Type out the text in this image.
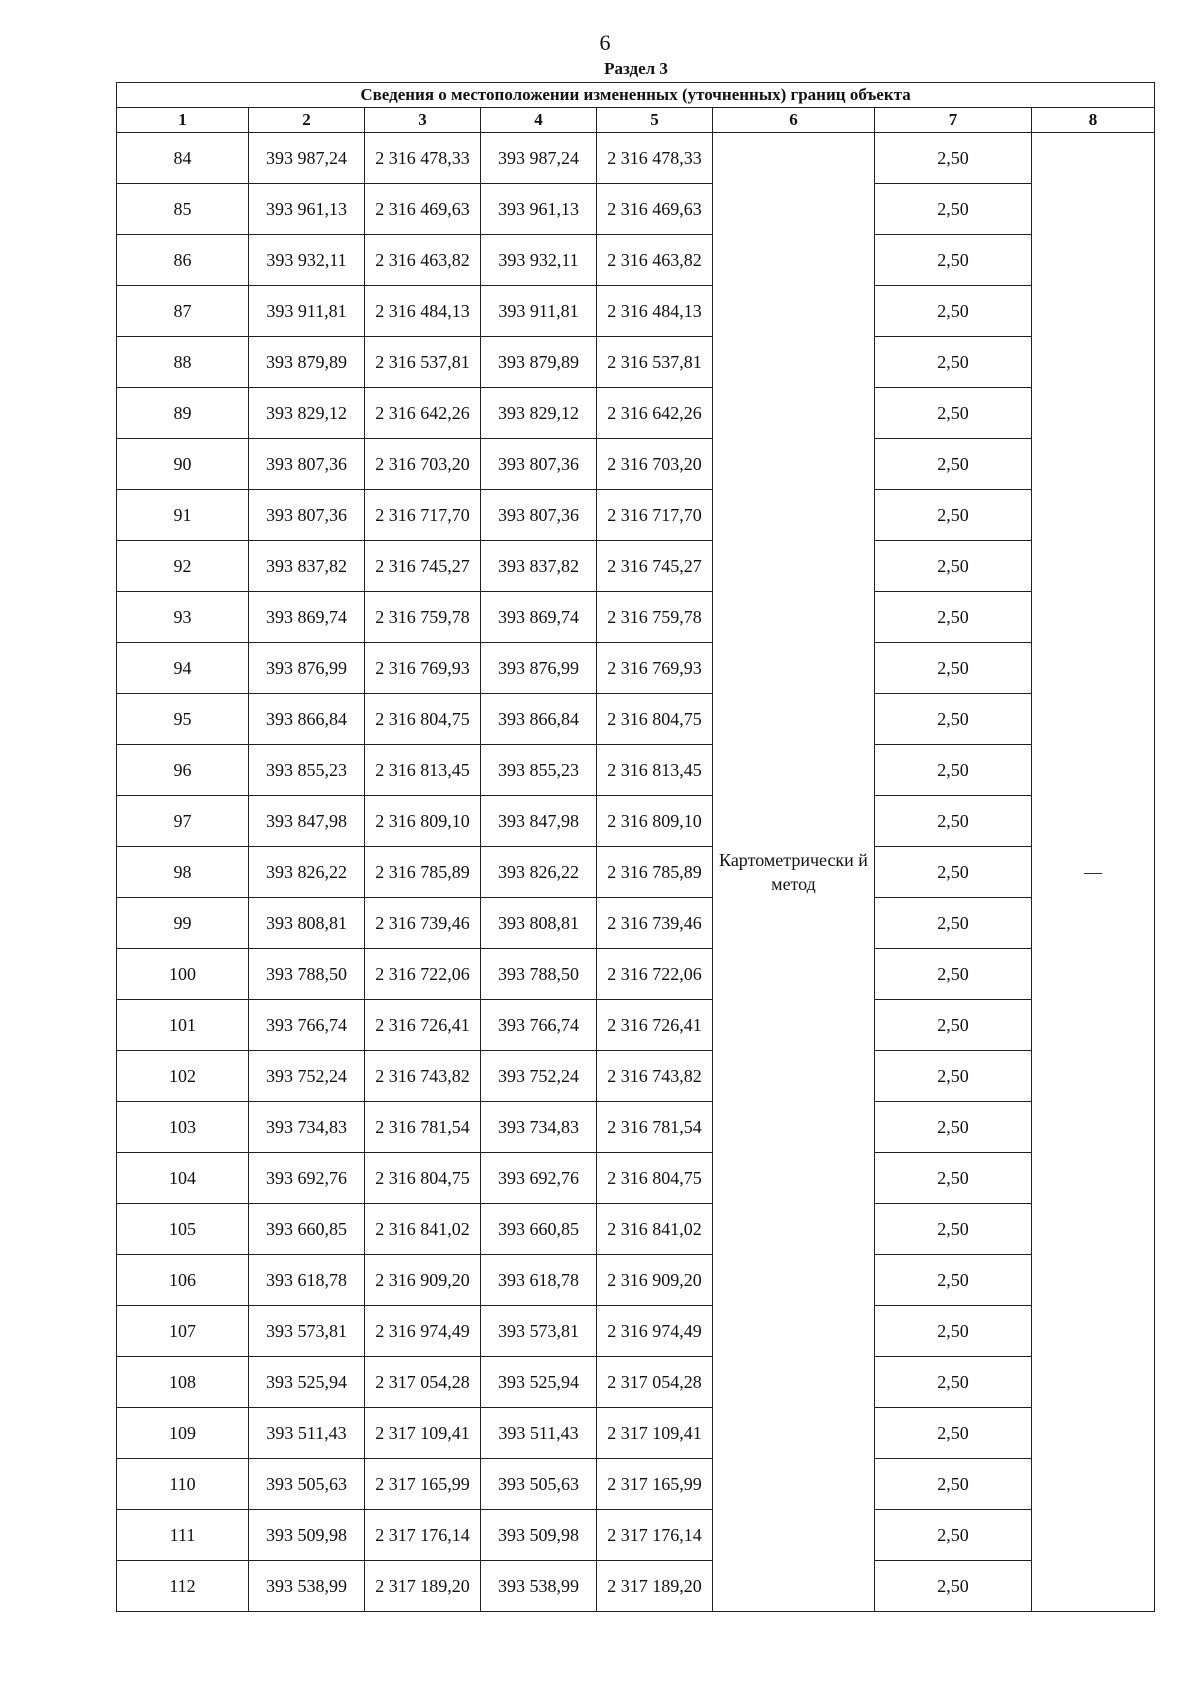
6
Раздел 3
Сведения о местоположении измененных (уточненных) границ объекта							
1	2	3	4	5	6	7	8
84	393 987,24	2 316 478,33	393 987,24	2 316 478,33	Картометрически й метод	2,50	—
85	393 961,13	2 316 469,63	393 961,13	2 316 469,63		2,50	
86	393 932,11	2 316 463,82	393 932,11	2 316 463,82		2,50	
87	393 911,81	2 316 484,13	393 911,81	2 316 484,13		2,50	
88	393 879,89	2 316 537,81	393 879,89	2 316 537,81		2,50	
89	393 829,12	2 316 642,26	393 829,12	2 316 642,26		2,50	
90	393 807,36	2 316 703,20	393 807,36	2 316 703,20		2,50	
91	393 807,36	2 316 717,70	393 807,36	2 316 717,70		2,50	
92	393 837,82	2 316 745,27	393 837,82	2 316 745,27		2,50	
93	393 869,74	2 316 759,78	393 869,74	2 316 759,78		2,50	
94	393 876,99	2 316 769,93	393 876,99	2 316 769,93		2,50	
95	393 866,84	2 316 804,75	393 866,84	2 316 804,75		2,50	
96	393 855,23	2 316 813,45	393 855,23	2 316 813,45		2,50	
97	393 847,98	2 316 809,10	393 847,98	2 316 809,10		2,50	
98	393 826,22	2 316 785,89	393 826,22	2 316 785,89		2,50	
99	393 808,81	2 316 739,46	393 808,81	2 316 739,46		2,50	
100	393 788,50	2 316 722,06	393 788,50	2 316 722,06		2,50	
101	393 766,74	2 316 726,41	393 766,74	2 316 726,41		2,50	
102	393 752,24	2 316 743,82	393 752,24	2 316 743,82		2,50	
103	393 734,83	2 316 781,54	393 734,83	2 316 781,54		2,50	
104	393 692,76	2 316 804,75	393 692,76	2 316 804,75		2,50	
105	393 660,85	2 316 841,02	393 660,85	2 316 841,02		2,50	
106	393 618,78	2 316 909,20	393 618,78	2 316 909,20		2,50	
107	393 573,81	2 316 974,49	393 573,81	2 316 974,49		2,50	
108	393 525,94	2 317 054,28	393 525,94	2 317 054,28		2,50	
109	393 511,43	2 317 109,41	393 511,43	2 317 109,41		2,50	
110	393 505,63	2 317 165,99	393 505,63	2 317 165,99		2,50	
111	393 509,98	2 317 176,14	393 509,98	2 317 176,14		2,50	
112	393 538,99	2 317 189,20	393 538,99	2 317 189,20		2,50	
